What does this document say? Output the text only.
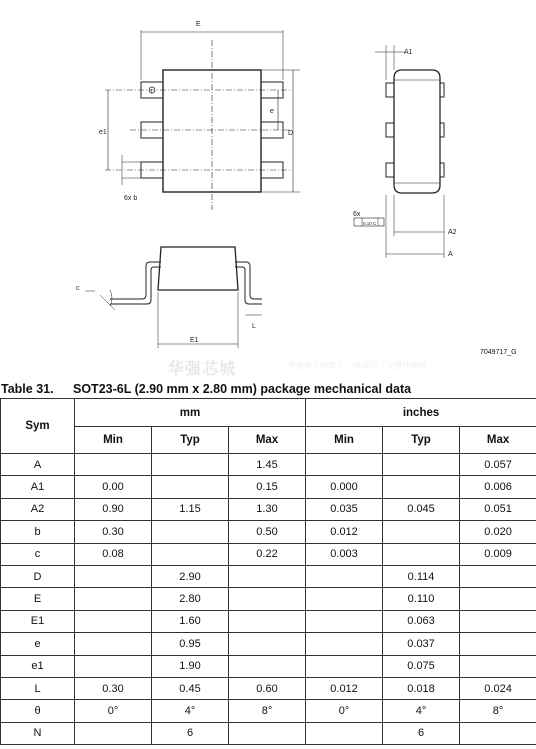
E
A1
e
e1	D
6x b
6x
0.10 C
A2
A
c
E1
L
1
7049717_G
华强芯城	华强电子网旗下 一站式电子元器件商城
Table 31. SOT23-6L (2.90 mm x 2.80 mm) package mechanical data
Sym	mm			inches		
	Min	Typ	Max	Min	Typ	Max
A			1.45			0.057
A1	0.00		0.15	0.000		0.006
A2	0.90	1.15	1.30	0.035	0.045	0.051
b	0.30		0.50	0.012		0.020
c	0.08		0.22	0.003		0.009
D		2.90			0.114	
E		2.80			0.110	
E1		1.60			0.063	
e		0.95			0.037	
e1		1.90			0.075	
L	0.30	0.45	0.60	0.012	0.018	0.024
θ	0°	4°	8°	0°	4°	8°
N		6			6	
